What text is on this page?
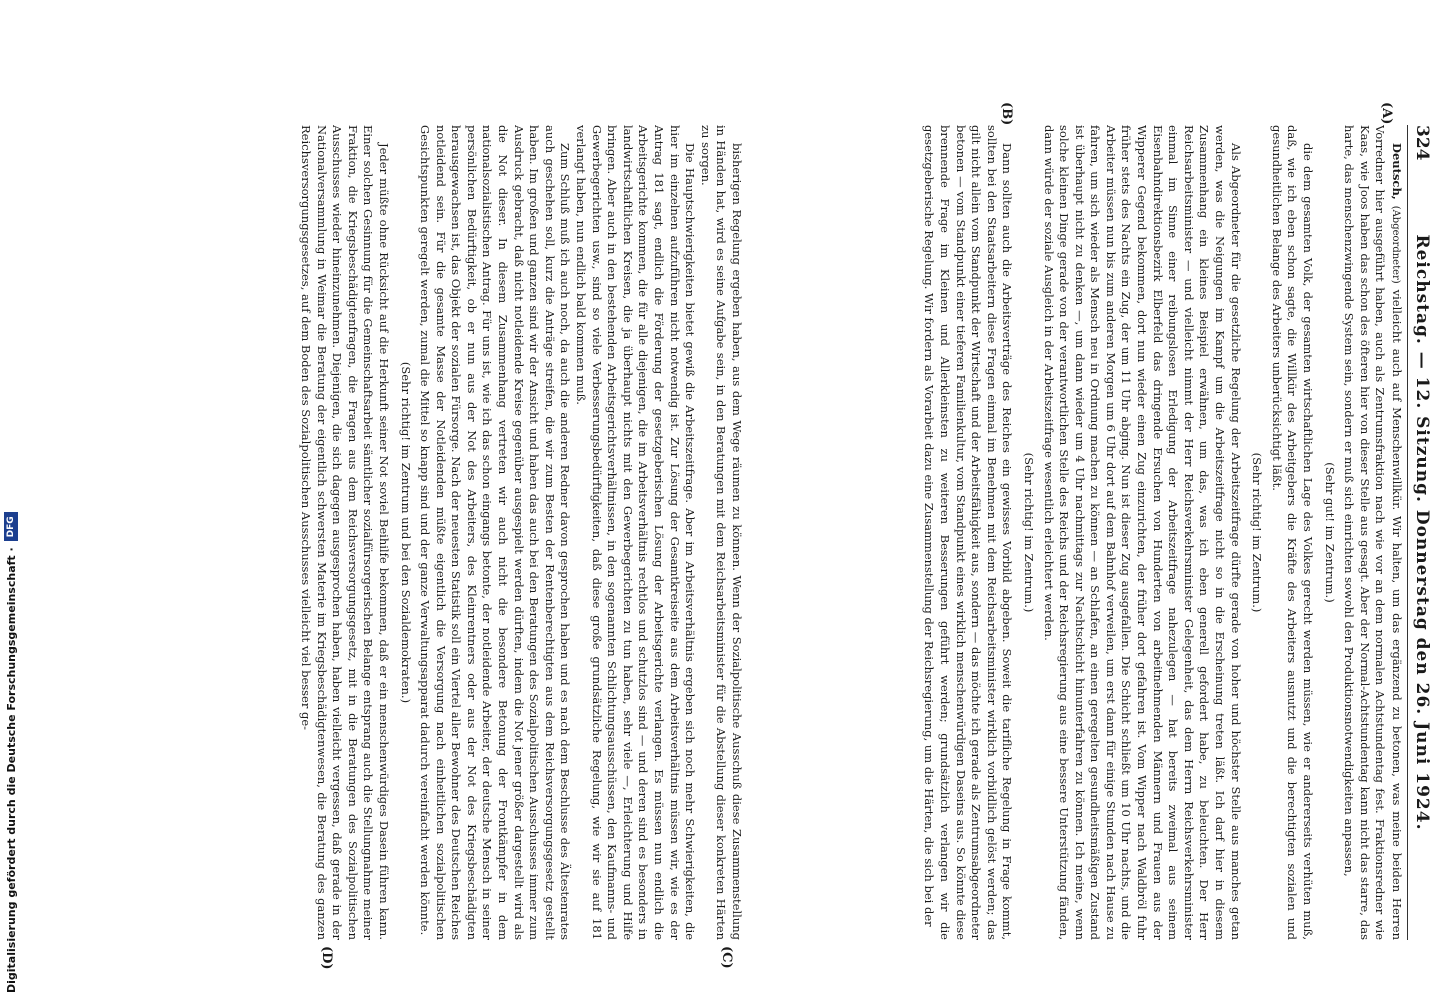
324
Reichstag. — 12. Sitzung. Donnerstag den 26. Juni 1924.
(A)
(B)
(C)
(D)

Deutsch, (Abgeordneter) vielleicht auch auf Menschenwillkür. Wir halten, um das ergänzend zu betonen, was meine beiden Herren Vorredner hier ausgeführt haben, auch als Zentrumsfraktion nach wie vor an dem normalen Achtstundentag fest. Fraktionsredner wie Kaas, wie Joos haben das schon des öfteren hier von dieser Stelle aus gesagt. Aber der Normal-Achtstundentag kann nicht das starre, das harte, das menschenzwingende System sein, sondern er muß sich einrichten sowohl den Produktionsnotwendigkeiten anpassen,

(Sehr gut! im Zentrum.)

die dem gesamten Volk, der gesamten wirtschaftlichen Lage des Volkes gerecht werden müssen, wie er andererseits verhüten muß, daß, wie ich eben schon sagte, die Willkür des Arbeitgebers die Kräfte des Arbeiters ausnutzt und die berechtigten sozialen und gesundheitlichen Belange des Arbeiters unberücksichtigt läßt.

(Sehr richtig! im Zentrum.)

Als Abgeordneter für die gesetzliche Regelung der Arbeitszeitfrage dürfte gerade von hoher und höchster Stelle aus manches getan werden, was die Neigungen im Kampf um die Arbeitszeitfrage nicht so in die Erscheinung treten läßt. Ich darf hier in diesem Zusammenhang ein kleines Beispiel erwähnen, um das, was ich eben generell gefordert habe, zu beleuchten. Der Herr Reichsarbeitsminister — und vielleicht nimmt der Herr Reichsverkehrsminister Gelegenheit, das dem Herrn Reichsverkehrsminister einmal im Sinne einer reibungslosen Erledigung der Arbeitszeitfrage nahezulegen — hat bereits zweimal aus seinem Eisenbahndirektionsbezirk Elberfeld das dringende Ersuchen von Hunderten von arbeitnehmenden Männern und Frauen aus der Wipperer Gegend bekommen, dort nun wieder einen Zug einzurichten, der früher dort gefahren ist. Vom Wipper nach Waldbröl fuhr früher stets des Nachts ein Zug, der um 11 Uhr abging. Nun ist dieser Zug ausgefallen. Die Schicht schließt um 10 Uhr nachts, und die Arbeiter müssen nun bis zum anderen Morgen um 6 Uhr dort auf dem Bahnhof verweilen, um erst dann für einige Stunden nach Hause zu fahren, um sich wieder als Mensch neu in Ordnung machen zu können — an Schlafen, an einen geregelten gesundheitsmäßigen Zustand ist überhaupt nicht zu denken —, um dann wieder um 4 Uhr nachmittags zur Nachtschicht hinunterfahren zu können. Ich meine, wenn solche kleinen Dinge gerade von der verantwortlichen Stelle des Reichs und der Reichsregierung aus eine bessere Unterstützung fänden, dann würde der soziale Ausgleich in der Arbeitszeitfrage wesentlich erleichtert werden.

(Sehr richtig! im Zentrum.)

Dann sollten auch die Arbeitsverträge des Reiches ein gewisses Vorbild abgeben. Soweit die tarifliche Regelung in Frage kommt, sollten bei den Staatsarbeitern diese Fragen einmal im Benehmen mit dem Reichsarbeitsminister wirklich vorbildlich gelöst werden; das gilt nicht allein vom Standpunkt der Wirtschaft und der Arbeitsfähigkeit aus, sondern — das möchte ich gerade als Zentrumsabgeordneter betonen — vom Standpunkt einer tieferen Familienkultur, vom Standpunkt eines wirklich menschenwürdigen Daseins aus. So könnte diese brennende Frage im Kleinen und Allerkleinsten zu weiteren Besserungen geführt werden; grundsätzlich verlangen wir die gesetzgeberische Regelung. Wir fordern als Vorarbeit dazu eine Zusammenstellung der Reichsregierung, um die Härten, die sich bei der

bisherigen Regelung ergeben haben, aus dem Wege räumen zu können. Wenn der Sozialpolitische Ausschuß diese Zusammenstellung in Händen hat, wird es seine Aufgabe sein, in den Beratungen mit dem Reichsarbeitsminister für die Abstellung dieser konkreten Härten zu sorgen.

Die Hauptschwierigkeiten bietet gewiß die Arbeitszeitfrage. Aber im Arbeitsverhältnis ergeben sich noch mehr Schwierigkeiten, die hier im einzelnen aufzuführen nicht notwendig ist. Zur Lösung der Gesamtkreiseite aus dem Arbeitsverhältnis müssen wir, wie es der Antrag 181 sagt, endlich die Förderung der gesetzgeberischen Lösung der Arbeitsgerichte verlangen. Es müssen nun endlich die Arbeitsgerichte kommen, die für alle diejenigen, die im Arbeitsverhältnis rechtlos und schutzlos sind — und deren sind es besonders in landwirtschaftlichen Kreisen, die ja überhaupt nichts mit den Gewerbegerichten zu tun haben, sehr viele —, Erleichterung und Hilfe bringen. Aber auch in den bestehenden Arbeitsgerichtsverhältnissen, in den sogenannten Schlichtungsausschüssen, den Kaufmanns- und Gewerbegerichten usw., sind so viele Verbesserungsbedürftigkeiten, daß diese große grundsätzliche Regelung, wie wir sie auf 181 verlangt haben, nun endlich bald kommen muß.

Zum Schluß muß ich auch noch, da auch die anderen Redner davon gesprochen haben und es nach dem Beschlusse des Ältestenrates auch geschehen soll, kurz die Anträge streifen, die wir zum Besten der Rentenberechtigten aus dem Reichsversorgungsgesetz gestellt haben. Im großen und ganzen sind wir der Ansicht und haben das auch bei den Beratungen des Sozialpolitischen Ausschusses immer zum Ausdruck gebracht, daß nicht notleidende Kreise gegenüber ausgespielt werden dürften, indem die Not jener größer dargestellt wird als die Not dieser. In diesem Zusammenhang vertreten wir auch nicht die besondere Betonung der Frontkämpfer in dem nationalsozialistischen Antrag. Für uns ist, wie ich das schon eingangs betonte, der notleidende Arbeiter, der deutsche Mensch in seiner persönlichen Bedürftigkeit, ob er nun aus der Not des Arbeiters, des Kleinrentners oder aus der Not des Kriegsbeschädigten herausgewachsen ist, das Objekt der sozialen Fürsorge. Nach der neuesten Statistik soll ein Viertel aller Bewohner des Deutschen Reiches notleidend sein. Für die gesamte Masse der Notleidenden müßte eigentlich die Versorgung nach einheitlichen sozialpolitischen Gesichtspunkten geregelt werden, zumal die Mittel so knapp sind und der ganze Verwaltungsapparat dadurch vereinfacht werden könnte.

(Sehr richtig! im Zentrum und bei den Sozialdemokraten.)

Jeder müßte ohne Rücksicht auf die Herkunft seiner Not soviel Beihilfe bekommen, daß er ein menschenwürdiges Dasein führen kann. Einer solchen Gesinnung für die Gemeinschaftsarbeit sämtlicher sozialfürsorgerischen Belange entsprang auch die Stellungnahme meiner Fraktion, die Kriegsbeschädigtenfragen, die Fragen aus dem Reichsversorgungsgesetz, mit in die Beratungen des Sozialpolitischen Ausschusses wieder hineinzunehmen. Diejenigen, die sich dagegen ausgesprochen haben, haben vielleicht vergessen, daß gerade in der Nationalversammlung in Weimar die Beratung der eigentlich schwersten Materie im Kriegsbeschädigtenwesen, die Beratung des ganzen Reichsversorgungsgesetzes, auf dem Boden des Sozialpolitischen Ausschusses vielleicht viel besser ge-

Digitalisierung gefördert durch die Deutsche Forschungsgemeinschaft ·
DFG
